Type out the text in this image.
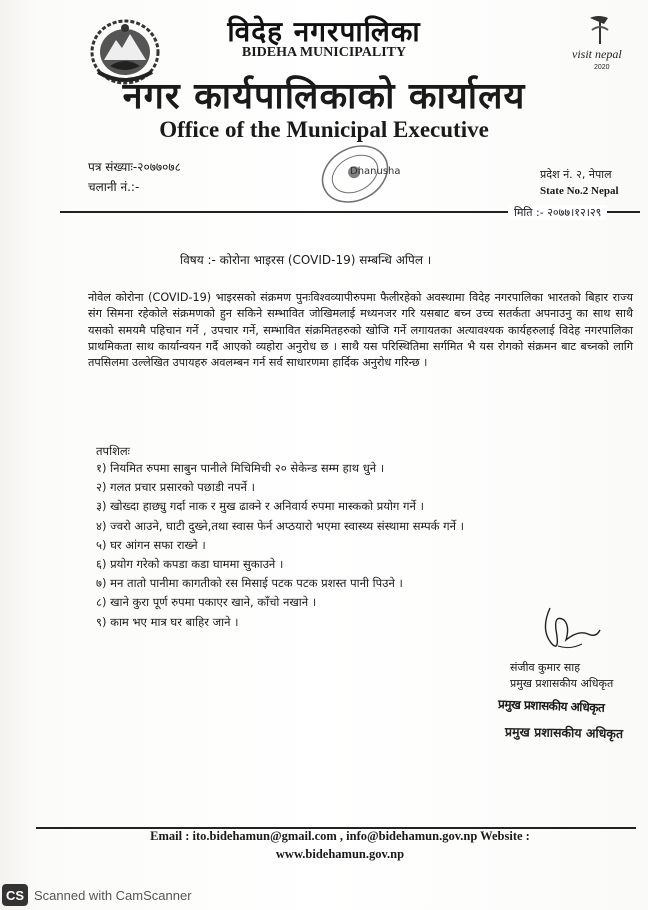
visit nepal
2020
विदेह नगरपालिका
BIDEHA MUNICIPALITY
नगर कार्यपालिकाको कार्यालय
Office of the Municipal Executive
पत्र संख्याः-२०७७०७८
चलानी नं.:-
Dhanusha	प्रदेश नं. २, नेपाल
State No.2 Nepal
मिति :- २०७७।१२।२९
विषय :- कोरोना भाइरस (COVID-19) सम्बन्धि अपिल ।
नोवेल कोरोना (COVID-19) भाइरसको संक्रमण पुनःविश्वव्यापीरुपमा फैलीरहेको अवस्थामा विदेह नगरपालिका भारतको बिहार राज्य संग सिमना रहेकोले संक्रमणको हुन सकिने सम्भावित जोखिमलाई मध्यनजर गरि यसबाट बच्न उच्च सतर्कता अपनाउनु का साथ साथै यसको समयमै पहिचान गर्ने , उपचार गर्ने, सम्भावित संक्रमितहरुको खोजि गर्ने लगायतका अत्यावश्यक कार्यहरुलाई विदेह नगरपालिका प्राथमिकता साथ कार्यान्वयन गर्दै आएको व्यहोरा अनुरोध छ । साथै यस परिस्थितिमा सर्गमित भै यस रोगको संक्रमन बाट बच्नको लागि तपसिलमा उल्लेखित उपायहरु अवलम्बन गर्न सर्व साधारणमा हार्दिक अनुरोध गरिन्छ ।
तपशिलः
१) नियमित रुपमा साबुन पानीले मिचिमिची २० सेकेन्ड सम्म हाथ धुने ।
२) गलत प्रचार प्रसारको पछाडी नपर्ने ।
३) खोख्दा हाछ्यु गर्दा नाक र मुख ढाक्ने र अनिवार्य रुपमा मास्कको प्रयोग गर्ने ।
४) ज्वरो आउने, घाटी दुख्ने,तथा स्वास फेर्न अप्ठयारो भएमा स्वास्थ्य संस्थामा सम्पर्क गर्ने ।
५) घर आंगन सफा राख्ने ।
६) प्रयोग गरेको कपडा कडा घाममा सुकाउने ।
७) मन तातो पानीमा कागतीको रस मिसाई पटक पटक प्रशस्त पानी पिउने ।
८) खाने कुरा पूर्ण रुपमा पकाएर खाने, काँचो नखाने ।
९) काम भए मात्र घर बाहिर जाने ।
संजीव कुमार साह
प्रमुख प्रशासकीय अधिकृत
प्रमुख प्रशासकीय अधिकृत
प्रमुख प्रशासकीय अधिकृत
Email : ito.bidehamun@gmail.com , info@bidehamun.gov.np Website :
www.bidehamun.gov.np
CS Scanned with CamScanner
